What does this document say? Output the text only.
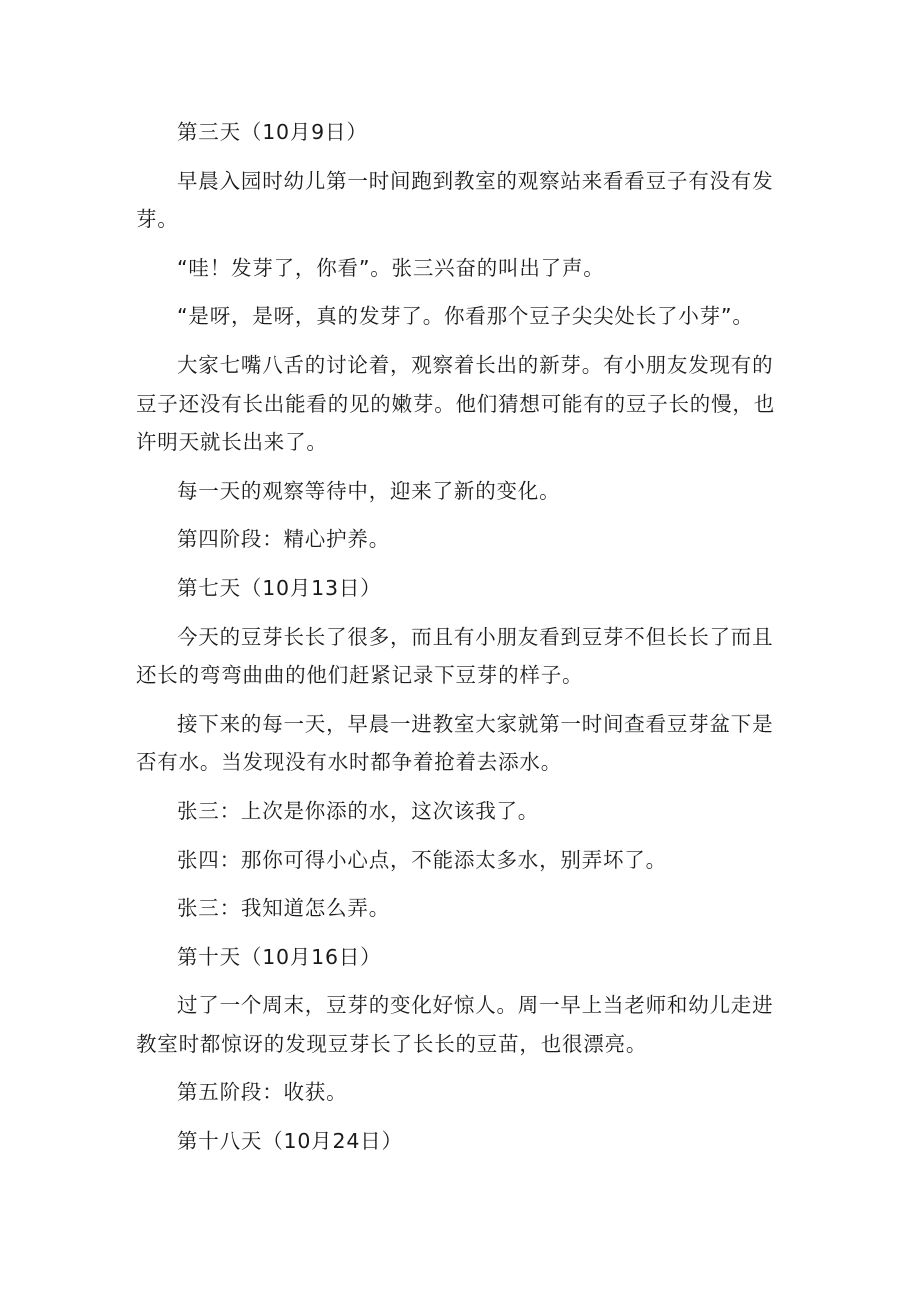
第三天（10月9日）

早晨入园时幼儿第一时间跑到教室的观察站来看看豆子有没有发芽。

“哇！发芽了，你看”。张三兴奋的叫出了声。

“是呀，是呀，真的发芽了。你看那个豆子尖尖处长了小芽”。

大家七嘴八舌的讨论着，观察着长出的新芽。有小朋友发现有的豆子还没有长出能看的见的嫩芽。他们猜想可能有的豆子长的慢，也许明天就长出来了。

每一天的观察等待中，迎来了新的变化。

第四阶段：精心护养。

第七天（10月13日）

今天的豆芽长长了很多，而且有小朋友看到豆芽不但长长了而且还长的弯弯曲曲的他们赶紧记录下豆芽的样子。

接下来的每一天，早晨一进教室大家就第一时间查看豆芽盆下是否有水。当发现没有水时都争着抢着去添水。

张三：上次是你添的水，这次该我了。

张四：那你可得小心点，不能添太多水，别弄坏了。

张三：我知道怎么弄。

第十天（10月16日）

过了一个周末，豆芽的变化好惊人。周一早上当老师和幼儿走进教室时都惊讶的发现豆芽长了长长的豆苗，也很漂亮。

第五阶段：收获。

第十八天（10月24日）
